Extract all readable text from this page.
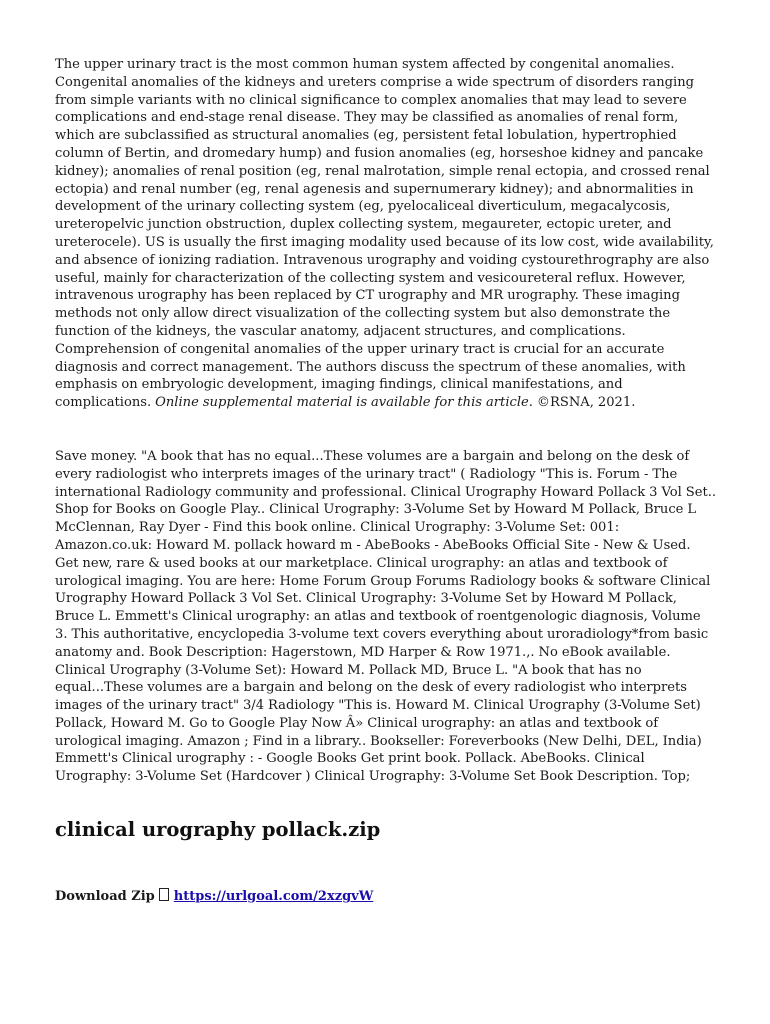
The upper urinary tract is the most common human system affected by congenital anomalies. Congenital anomalies of the kidneys and ureters comprise a wide spectrum of disorders ranging from simple variants with no clinical significance to complex anomalies that may lead to severe complications and end-stage renal disease. They may be classified as anomalies of renal form, which are subclassified as structural anomalies (eg, persistent fetal lobulation, hypertrophied column of Bertin, and dromedary hump) and fusion anomalies (eg, horseshoe kidney and pancake kidney); anomalies of renal position (eg, renal malrotation, simple renal ectopia, and crossed renal ectopia) and renal number (eg, renal agenesis and supernumerary kidney); and abnormalities in development of the urinary collecting system (eg, pyelocaliceal diverticulum, megacalycosis, ureteropelvic junction obstruction, duplex collecting system, megaureter, ectopic ureter, and ureterocele). US is usually the first imaging modality used because of its low cost, wide availability, and absence of ionizing radiation. Intravenous urography and voiding cystourethrography are also useful, mainly for characterization of the collecting system and vesicoureteral reflux. However, intravenous urography has been replaced by CT urography and MR urography. These imaging methods not only allow direct visualization of the collecting system but also demonstrate the function of the kidneys, the vascular anatomy, adjacent structures, and complications. Comprehension of congenital anomalies of the upper urinary tract is crucial for an accurate diagnosis and correct management. The authors discuss the spectrum of these anomalies, with emphasis on embryologic development, imaging findings, clinical manifestations, and complications. Online supplemental material is available for this article. ©RSNA, 2021.

Save money. "A book that has no equal...These volumes are a bargain and belong on the desk of every radiologist who interprets images of the urinary tract" ( Radiology "This is. Forum - The international Radiology community and professional. Clinical Urography Howard Pollack 3 Vol Set.. Shop for Books on Google Play.. Clinical Urography: 3-Volume Set by Howard M Pollack, Bruce L McClennan, Ray Dyer - Find this book online. Clinical Urography: 3-Volume Set: 001: Amazon.co.uk: Howard M. pollack howard m - AbeBooks - AbeBooks Official Site - New & Used. Get new, rare & used books at our marketplace. Clinical urography: an atlas and textbook of urological imaging. You are here: Home Forum Group Forums Radiology books & software Clinical Urography Howard Pollack 3 Vol Set. Clinical Urography: 3-Volume Set by Howard M Pollack, Bruce L. Emmett's Clinical urography: an atlas and textbook of roentgenologic diagnosis, Volume 3. This authoritative, encyclopedia 3-volume text covers everything about uroradiology*from basic anatomy and. Book Description: Hagerstown, MD Harper & Row 1971.,. No eBook available. Clinical Urography (3-Volume Set): Howard M. Pollack MD, Bruce L. "A book that has no equal...These volumes are a bargain and belong on the desk of every radiologist who interprets images of the urinary tract" 3/4 Radiology "This is. Howard M. Clinical Urography (3-Volume Set) Pollack, Howard M. Go to Google Play Now Â» Clinical urography: an atlas and textbook of urological imaging. Amazon ; Find in a library.. Bookseller: Foreverbooks (New Delhi, DEL, India) Emmett's Clinical urography : - Google Books Get print book. Pollack. AbeBooks. Clinical Urography: 3-Volume Set (Hardcover ) Clinical Urography: 3-Volume Set Book Description. Top;

clinical urography pollack.zip
Download Zip https://urlgoal.com/2xzgvW
